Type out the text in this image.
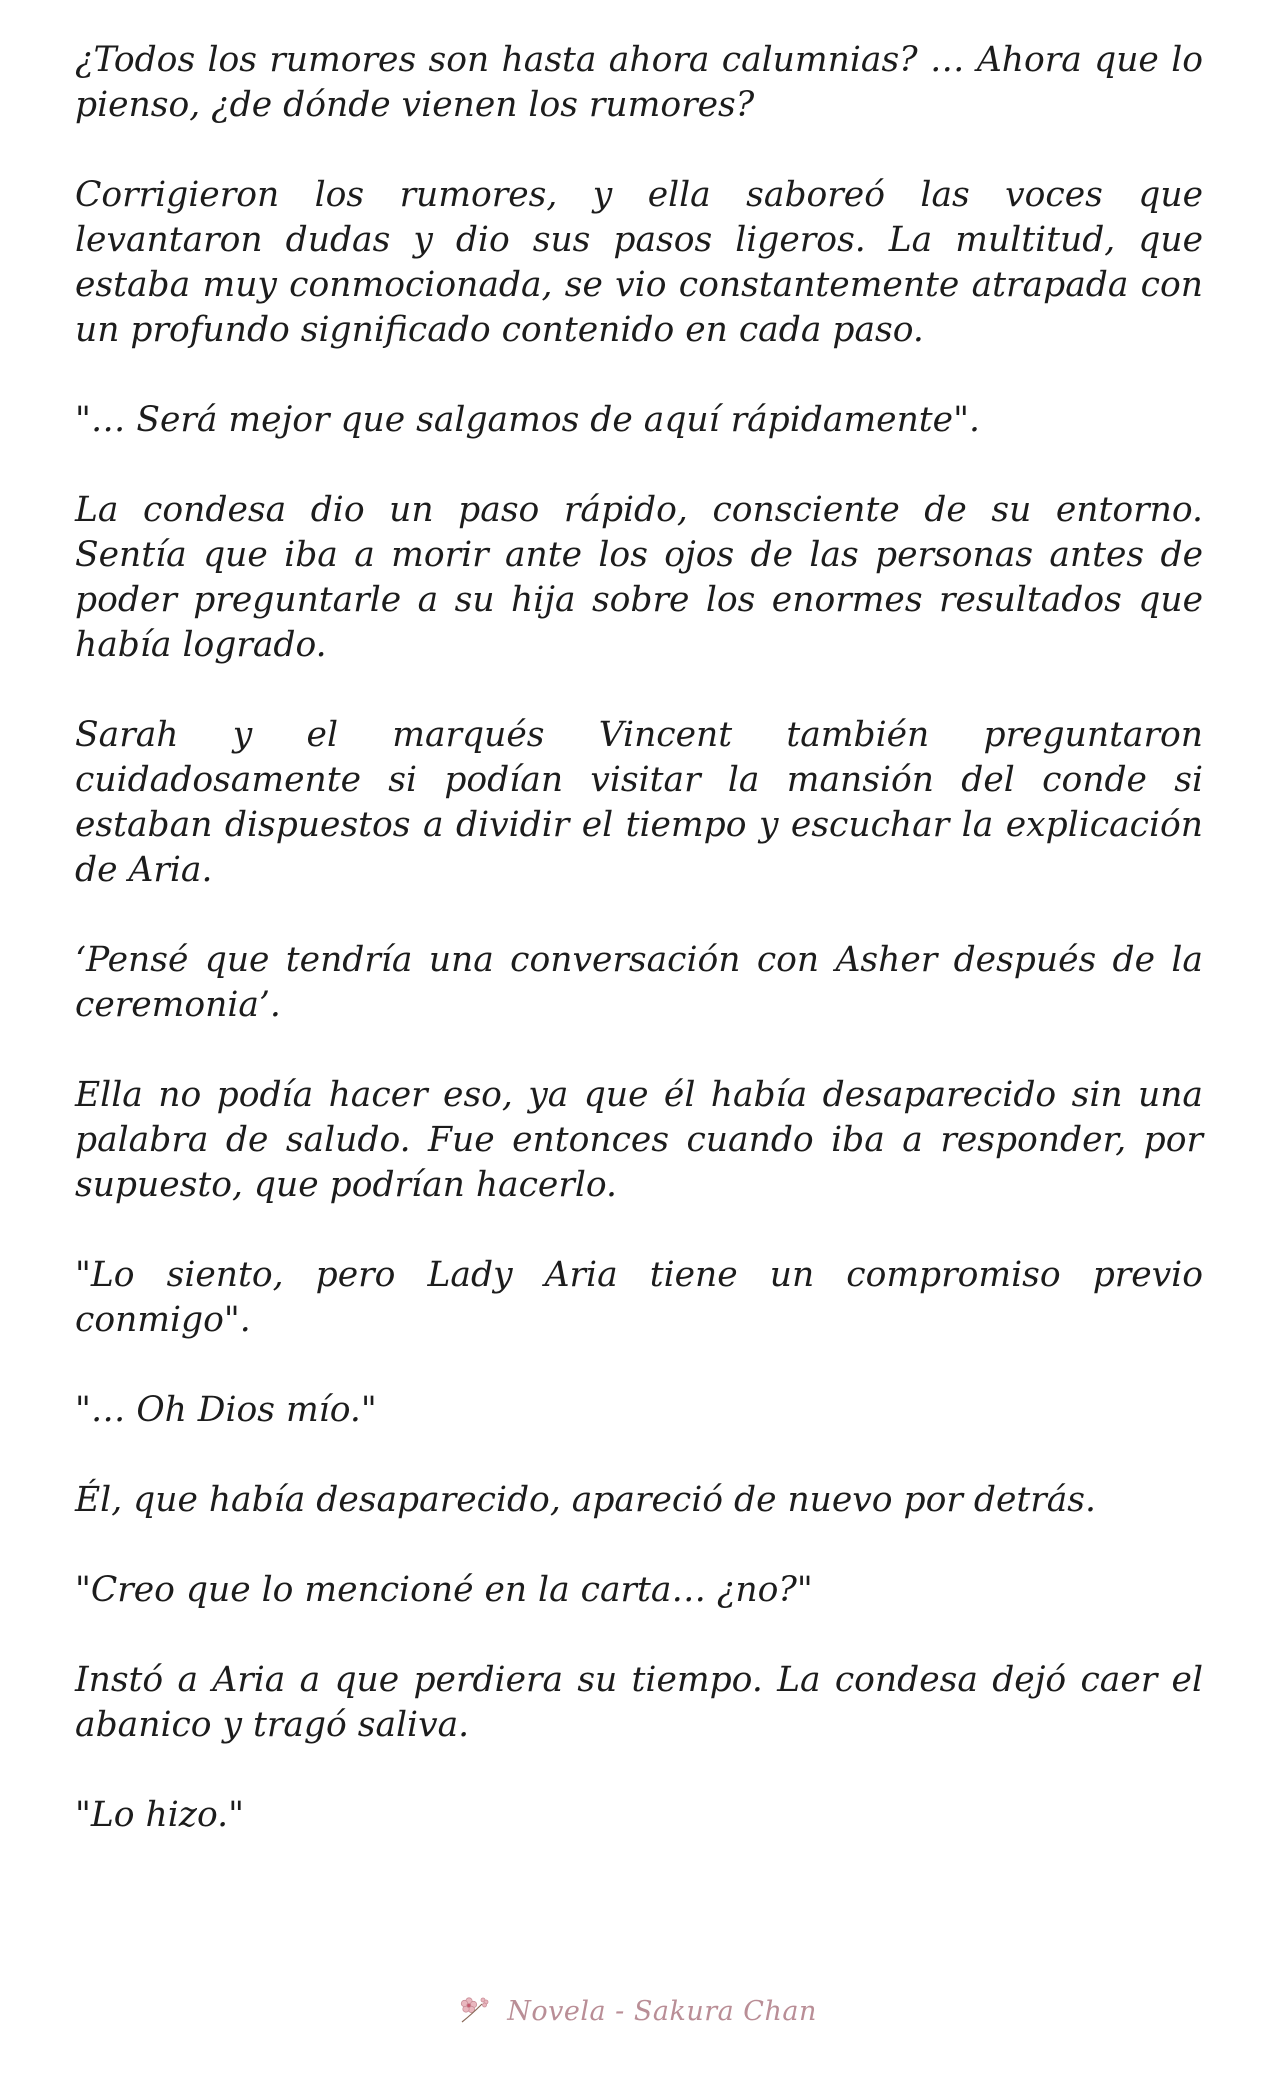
¿Todos los rumores son hasta ahora calumnias? … Ahora que lo pienso, ¿de dónde vienen los rumores?

Corrigieron los rumores, y ella saboreó las voces que levantaron dudas y dio sus pasos ligeros. La multitud, que estaba muy conmocionada, se vio constantemente atrapada con un profundo significado contenido en cada paso.

"… Será mejor que salgamos de aquí rápidamente".

La condesa dio un paso rápido, consciente de su entorno. Sentía que iba a morir ante los ojos de las personas antes de poder preguntarle a su hija sobre los enormes resultados que había logrado.

Sarah y el marqués Vincent también preguntaron cuidadosamente si podían visitar la mansión del conde si estaban dispuestos a dividir el tiempo y escuchar la explicación de Aria.

‘Pensé que tendría una conversación con Asher después de la ceremonia’.

Ella no podía hacer eso, ya que él había desaparecido sin una palabra de saludo. Fue entonces cuando iba a responder, por supuesto, que podrían hacerlo.

"Lo siento, pero Lady Aria tiene un compromiso previo conmigo".

"… Oh Dios mío."

Él, que había desaparecido, apareció de nuevo por detrás.

"Creo que lo mencioné en la carta… ¿no?"

Instó a Aria a que perdiera su tiempo. La condesa dejó caer el abanico y tragó saliva.

"Lo hizo."

Novela - Sakura Chan
